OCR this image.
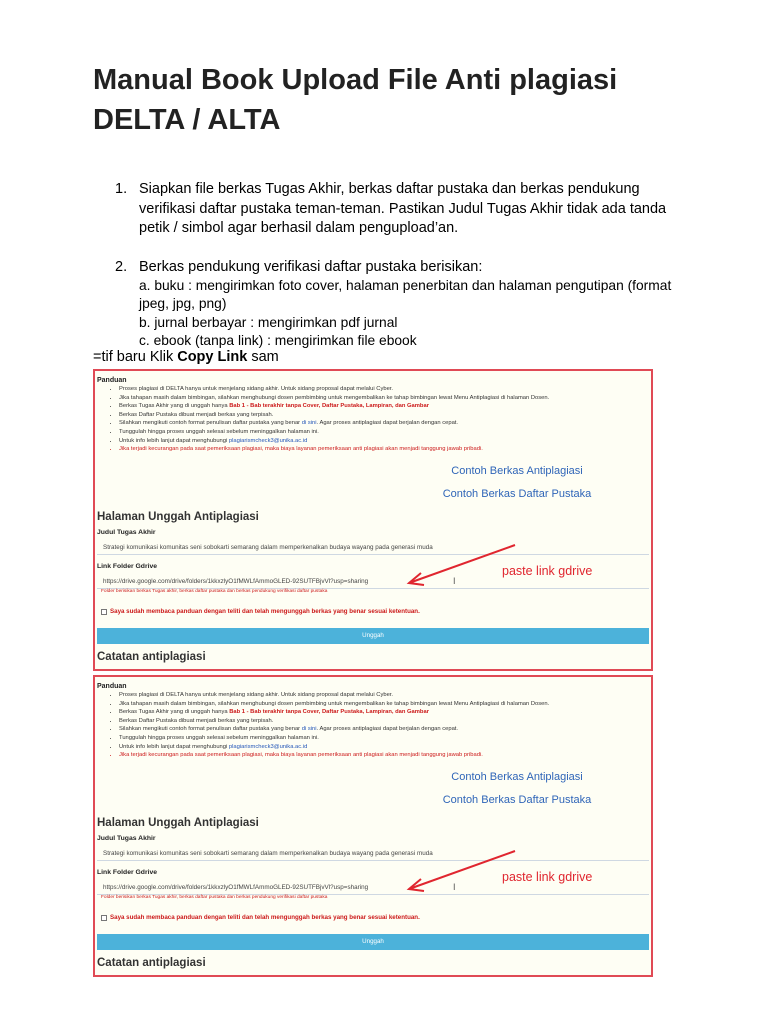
Manual Book Upload File Anti plagiasi DELTA / ALTA
1. Siapkan file berkas Tugas Akhir, berkas daftar pustaka dan berkas pendukung verifikasi daftar pustaka teman-teman. Pastikan Judul Tugas Akhir tidak ada tanda petik / simbol agar berhasil dalam pengupload’an.
2. Berkas pendukung verifikasi daftar pustaka berisikan:
a. buku : mengirimkan foto cover, halaman penerbitan dan halaman pengutipan (format jpeg, jpg, png)
b. jurnal berbayar : mengirimkan pdf jurnal
c. ebook (tanpa link) : mengirimkan file ebook
=tif baru Klik Copy Link sam
Panduan
• Proses plagiasi di DELTA hanya untuk menjelang sidang akhir. Untuk sidang proposal dapat melalui Cyber.
• Jika tahapan masih dalam bimbingan, silahkan menghubungi dosen pembimbing untuk mengembalikan ke tahap bimbingan lewat Menu Antiplagiasi di halaman Dosen.
• Berkas Tugas Akhir yang di unggah hanya Bab 1 - Bab terakhir tanpa Cover, Daftar Pustaka, Lampiran, dan Gambar
• Berkas Daftar Pustaka dibuat menjadi berkas yang terpisah.
• Silahkan mengikuti contoh format penulisan daftar pustaka yang benar di sini. Agar proses antiplagiasi dapat berjalan dengan cepat.
• Tunggulah hingga proses unggah selesai sebelum meninggalkan halaman ini.
• Untuk info lebih lanjut dapat menghubungi plagiarismcheck3@unika.ac.id
• Jika terjadi kecurangan pada saat pemeriksaan plagiasi, maka biaya layanan pemeriksaan anti plagiasi akan menjadi tanggung jawab pribadi.
Contoh Berkas Antiplagiasi
Contoh Berkas Daftar Pustaka
Halaman Unggah Antiplagiasi
Judul Tugas Akhir
Strategi komunikasi komunitas seni sobokarti semarang dalam memperkenalkan budaya wayang pada generasi muda
Link Folder Gdrive
https://drive.google.com/drive/folders/1kkxzlyO1fMWLfAmmoGLED-92SUTFBjvVl?usp=sharing	I
Folder berisikan berkas Tugas akhir, berkas daftar pustaka dan berkas pendukung verifikasi daftar pustaka
Saya sudah membaca panduan dengan teliti dan telah mengunggah berkas yang benar sesuai ketentuan.
Unggah
Catatan antiplagiasi
paste link gdrive
Panduan
• Proses plagiasi di DELTA hanya untuk menjelang sidang akhir. Untuk sidang proposal dapat melalui Cyber.
• Jika tahapan masih dalam bimbingan, silahkan menghubungi dosen pembimbing untuk mengembalikan ke tahap bimbingan lewat Menu Antiplagiasi di halaman Dosen.
• Berkas Tugas Akhir yang di unggah hanya Bab 1 - Bab terakhir tanpa Cover, Daftar Pustaka, Lampiran, dan Gambar
• Berkas Daftar Pustaka dibuat menjadi berkas yang terpisah.
• Silahkan mengikuti contoh format penulisan daftar pustaka yang benar di sini. Agar proses antiplagiasi dapat berjalan dengan cepat.
• Tunggulah hingga proses unggah selesai sebelum meninggalkan halaman ini.
• Untuk info lebih lanjut dapat menghubungi plagiarismcheck3@unika.ac.id
• Jika terjadi kecurangan pada saat pemeriksaan plagiasi, maka biaya layanan pemeriksaan anti plagiasi akan menjadi tanggung jawab pribadi.
Contoh Berkas Antiplagiasi
Contoh Berkas Daftar Pustaka
Halaman Unggah Antiplagiasi
Judul Tugas Akhir
Strategi komunikasi komunitas seni sobokarti semarang dalam memperkenalkan budaya wayang pada generasi muda
Link Folder Gdrive
https://drive.google.com/drive/folders/1kkxzlyO1fMWLfAmmoGLED-92SUTFBjvVl?usp=sharing	I
Folder berisikan berkas Tugas akhir, berkas daftar pustaka dan berkas pendukung verifikasi daftar pustaka
Saya sudah membaca panduan dengan teliti dan telah mengunggah berkas yang benar sesuai ketentuan.
Unggah
Catatan antiplagiasi
paste link gdrive
